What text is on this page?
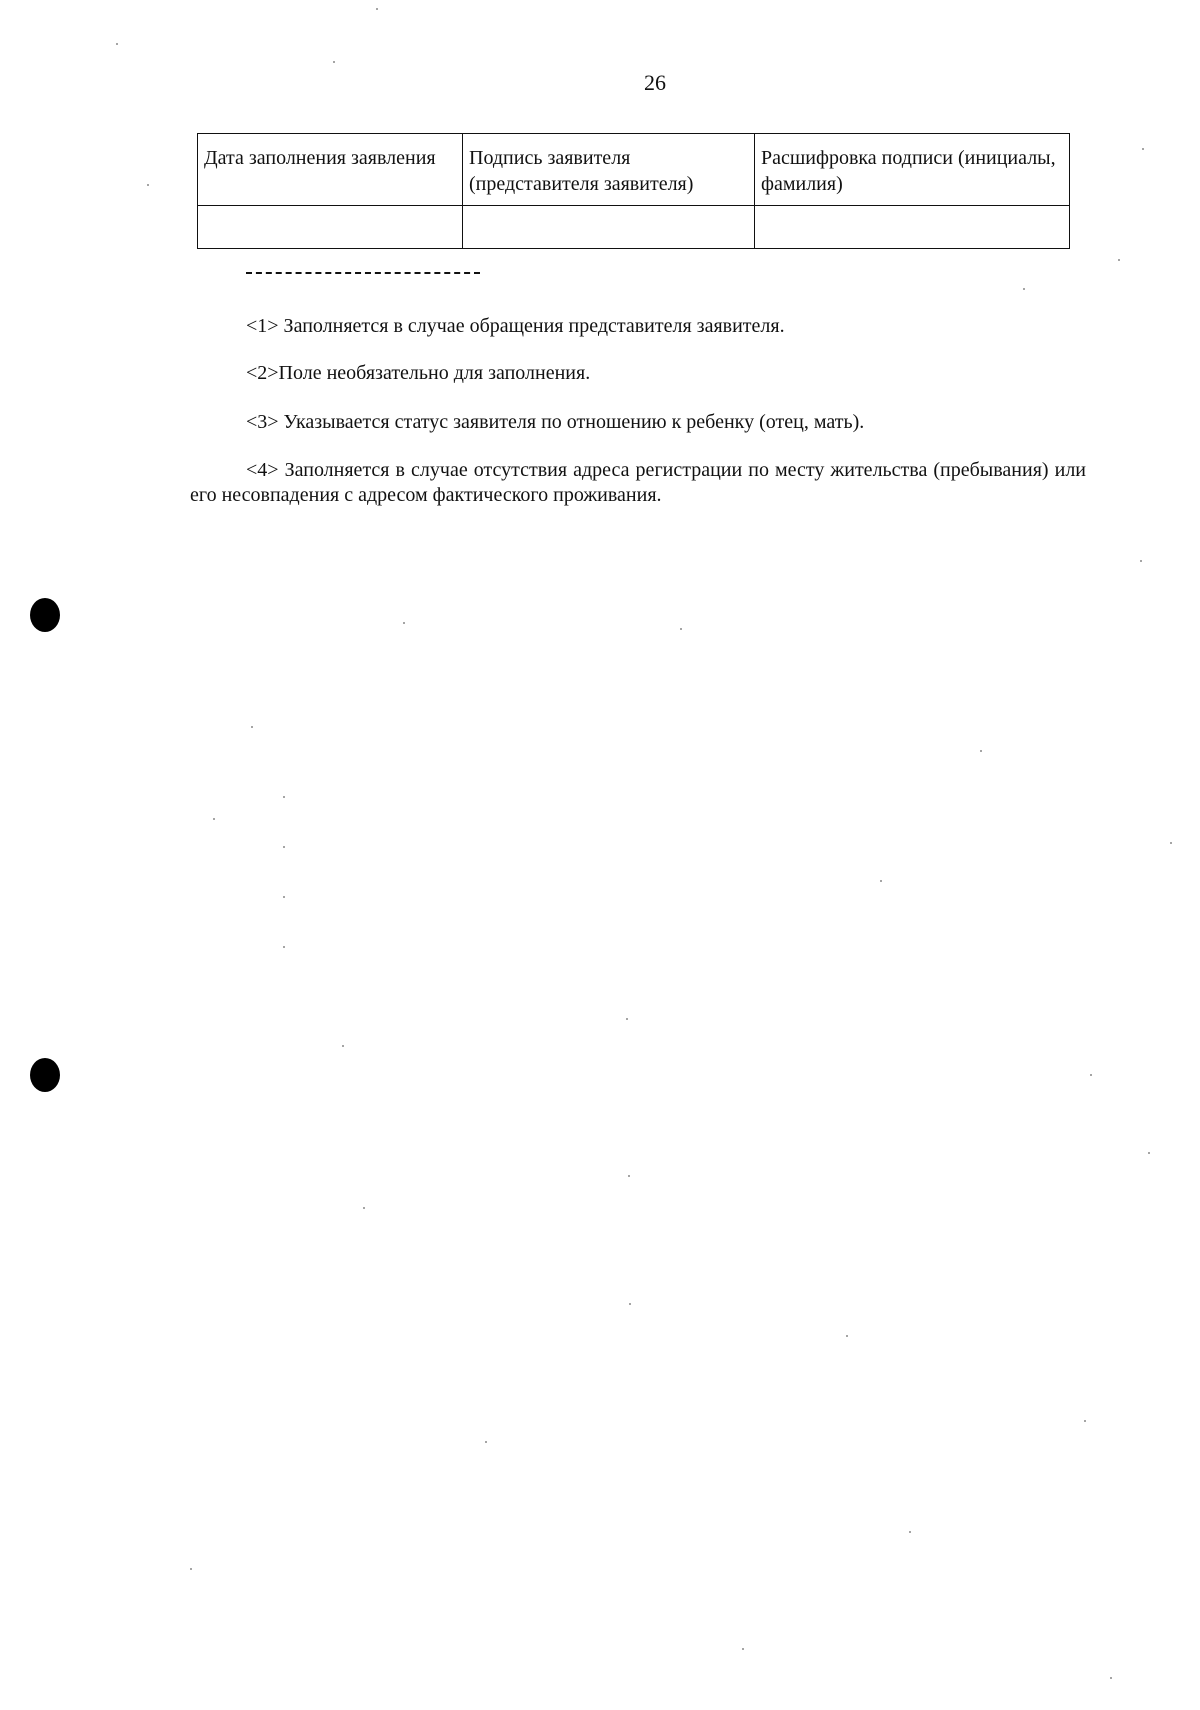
26
Дата заполнения заявления	Подпись заявителя (представителя заявителя)	Расшифровка подписи (инициалы, фамилия)

<1> Заполняется в случае обращения представителя заявителя.

<2>Поле необязательно для заполнения.

<3> Указывается статус заявителя по отношению к ребенку (отец, мать).

<4> Заполняется в случае отсутствия адреса регистрации по месту жительства (пребывания) или его несовпадения с адресом фактического проживания.
